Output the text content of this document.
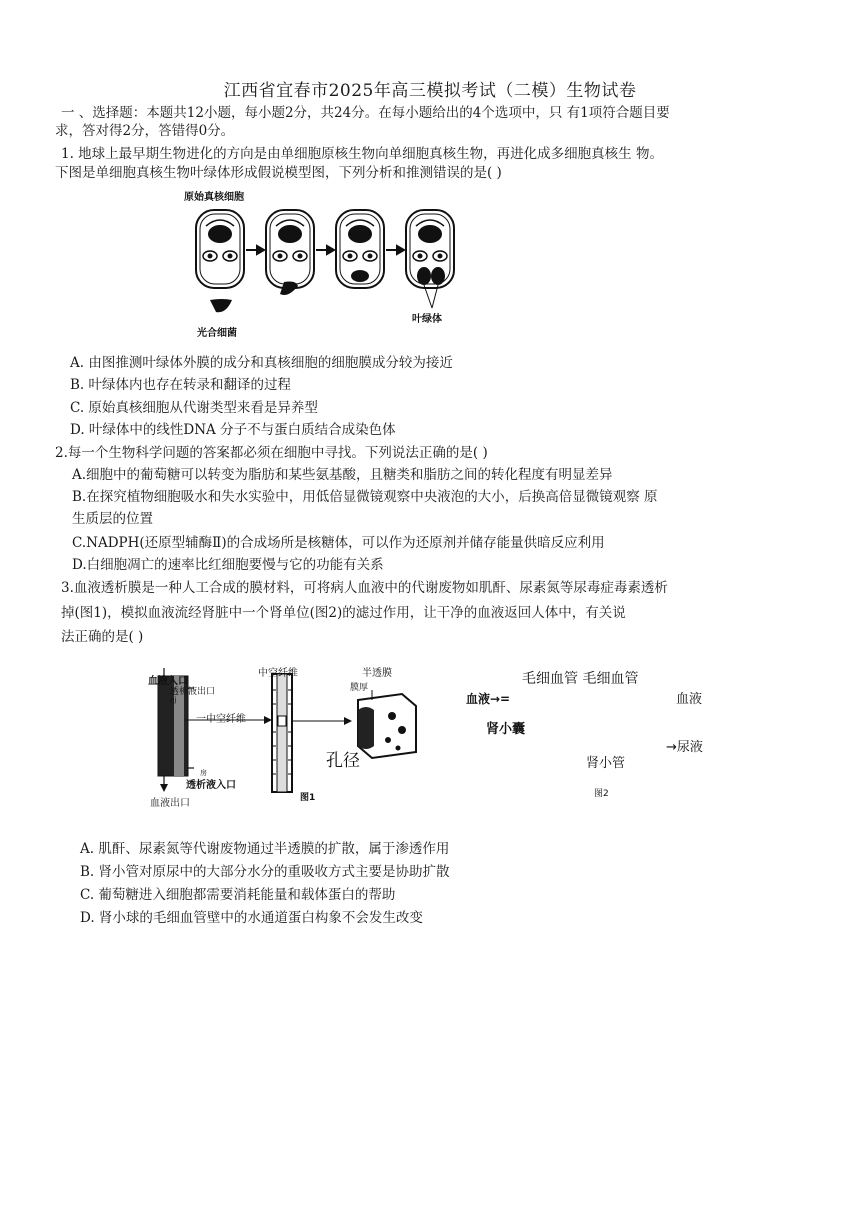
江西省宜春市2025年高三模拟考试（二模）生物试卷
一 、选择题：本题共12小题，每小题2分，共24分。在每小题给出的4个选项中，只 有1项符合题目要
求，答对得2分，答错得0分。
1. 地球上最早期生物进化的方向是由单细胞原核生物向单细胞真核生物，再进化成多细胞真核生 物。
下图是单细胞真核生物叶绿体形成假说模型图，下列分析和推测错误的是( )
原始真核细胞
光合细菌
叶绿体
A. 由图推测叶绿体外膜的成分和真核细胞的细胞膜成分较为接近
B. 叶绿体内也存在转录和翻译的过程
C. 原始真核细胞从代谢类型来看是异养型
D. 叶绿体中的线性DNA 分子不与蛋白质结合成染色体
2.每一个生物科学问题的答案都必须在细胞中寻找。下列说法正确的是( )
A.细胞中的葡萄糖可以转变为脂肪和某些氨基酸，且糖类和脂肪之间的转化程度有明显差异
B.在探究植物细胞吸水和失水实验中，用低倍显微镜观察中央液泡的大小，后换高倍显微镜观察 原
生质层的位置
C.NADPH(还原型辅酶Ⅱ)的合成场所是核糖体，可以作为还原剂并储存能量供暗反应利用
D.白细胞凋亡的速率比红细胞要慢与它的功能有关系
3.血液透析膜是一种人工合成的膜材料，可将病人血液中的代谢废物如肌酐、尿素氮等尿毒症毒素透析
掉(图1)，模拟血液流经肾脏中一个肾单位(图2)的滤过作用，让干净的血液返回人体中，有关说
法正确的是( )
血液入口
透析液出口
nj
一中空纤维
中空纤维	半透膜
膜厚
孔径
房
透析液入口
血液出口	图1
毛细血管 毛细血管
血液→=	血液
肾小囊
→尿液
肾小管
图2
A. 肌酐、尿素氮等代谢废物通过半透膜的扩散，属于渗透作用
B. 肾小管对原尿中的大部分水分的重吸收方式主要是协助扩散
C. 葡萄糖进入细胞都需要消耗能量和载体蛋白的帮助
D. 肾小球的毛细血管壁中的水通道蛋白构象不会发生改变
